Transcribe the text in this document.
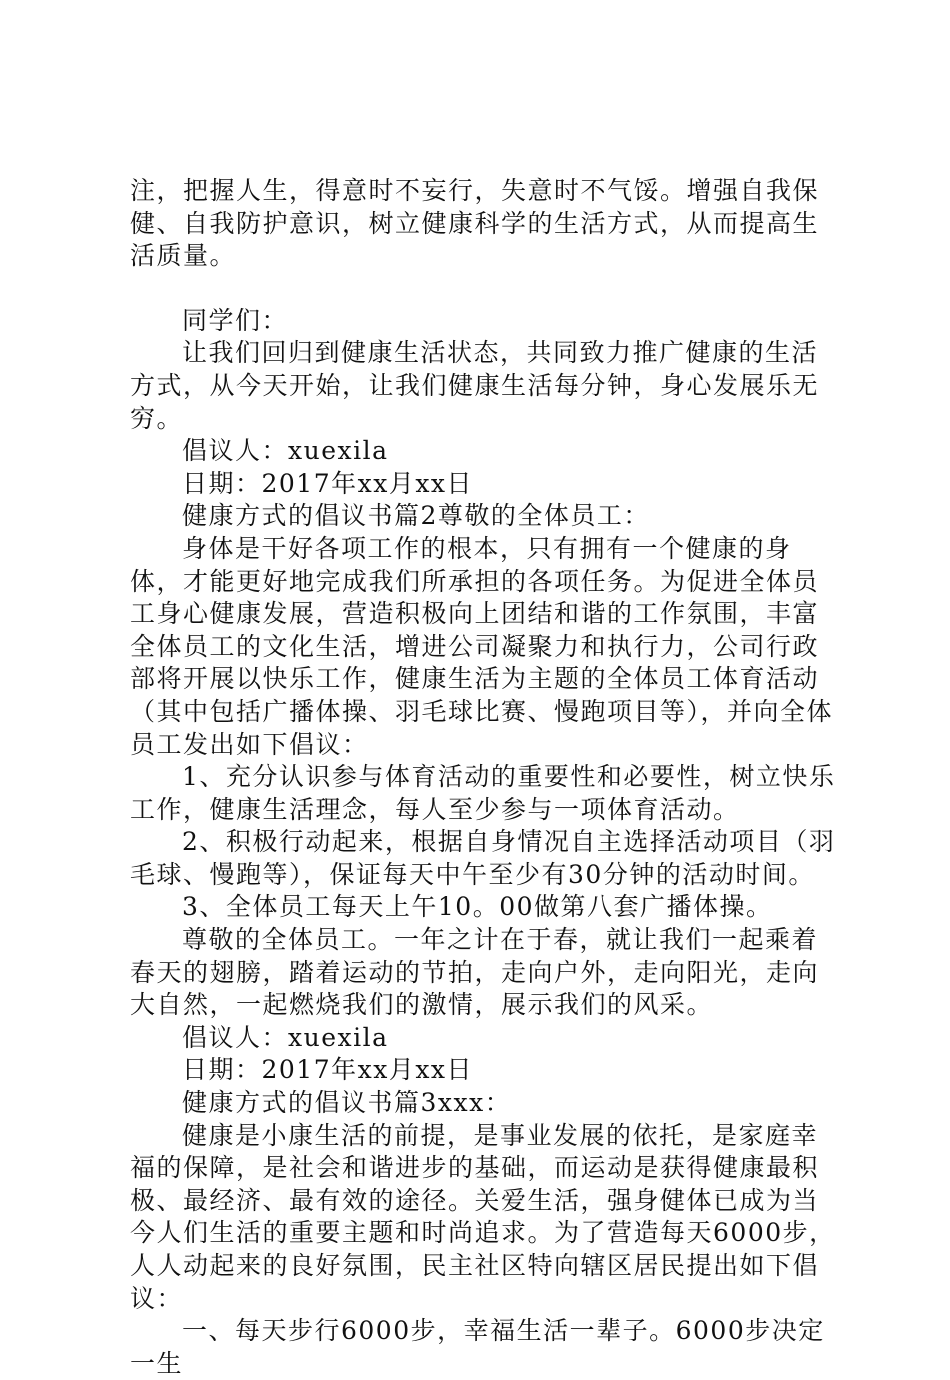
注，把握人生，得意时不妄行，失意时不气馁。增强自我保健、自我防护意识，树立健康科学的生活方式，从而提高生活质量。

同学们：

让我们回归到健康生活状态，共同致力推广健康的生活方式，从今天开始，让我们健康生活每分钟，身心发展乐无穷。

倡议人：xuexila

日期：2017年xx月xx日

健康方式的倡议书篇2尊敬的全体员工：

身体是干好各项工作的根本，只有拥有一个健康的身体，才能更好地完成我们所承担的各项任务。为促进全体员工身心健康发展，营造积极向上团结和谐的工作氛围，丰富全体员工的文化生活，增进公司凝聚力和执行力，公司行政部将开展以快乐工作，健康生活为主题的全体员工体育活动（其中包括广播体操、羽毛球比赛、慢跑项目等），并向全体员工发出如下倡议：

1、充分认识参与体育活动的重要性和必要性，树立快乐工作，健康生活理念，每人至少参与一项体育活动。

2、积极行动起来，根据自身情况自主选择活动项目（羽毛球、慢跑等），保证每天中午至少有30分钟的活动时间。

3、全体员工每天上午10。00做第八套广播体操。

尊敬的全体员工。一年之计在于春，就让我们一起乘着春天的翅膀，踏着运动的节拍，走向户外，走向阳光，走向大自然，一起燃烧我们的激情，展示我们的风采。

倡议人：xuexila

日期：2017年xx月xx日

健康方式的倡议书篇3xxx：

健康是小康生活的前提，是事业发展的依托，是家庭幸福的保障，是社会和谐进步的基础，而运动是获得健康最积极、最经济、最有效的途径。关爱生活，强身健体已成为当今人们生活的重要主题和时尚追求。为了营造每天6000步，人人动起来的良好氛围，民主社区特向辖区居民提出如下倡议：

一、每天步行6000步，幸福生活一辈子。6000步决定一生
